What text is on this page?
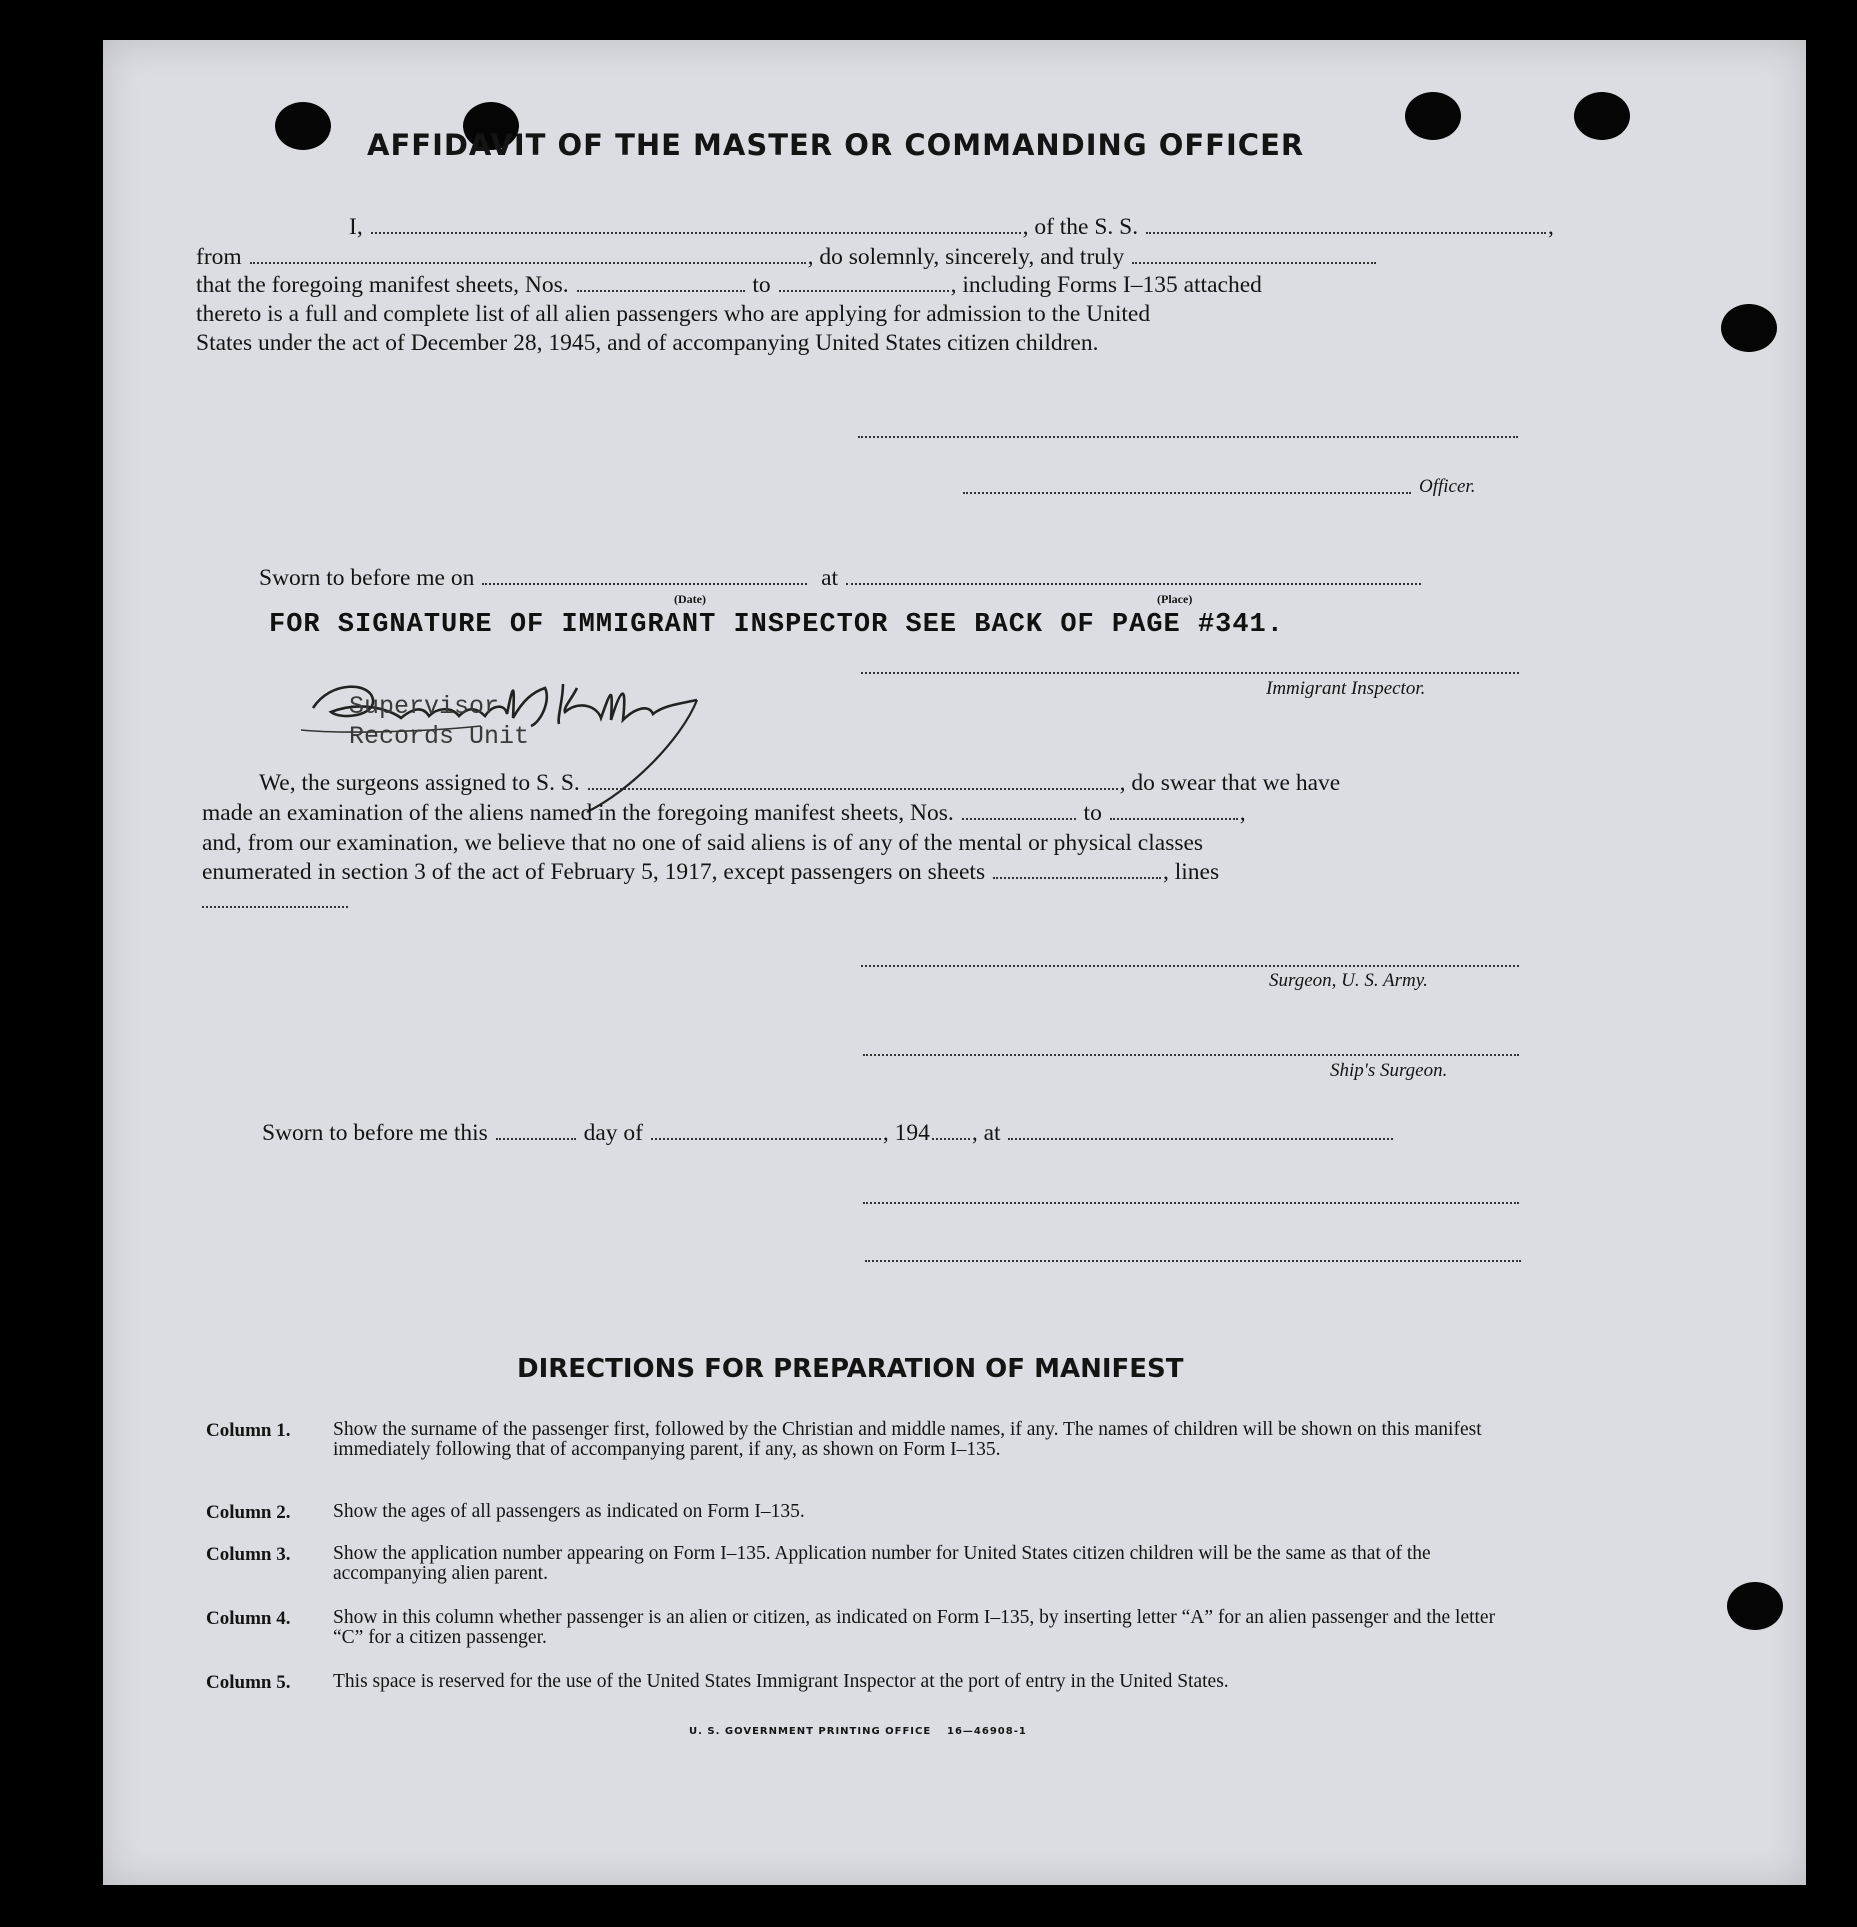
AFFIDAVIT OF THE MASTER OR COMMANDING OFFICER
I,	, of the S. S.	,
from	, do solemnly, sincerely, and truly
that the foregoing manifest sheets, Nos.	to	, including Forms I–135 attached
thereto is a full and complete list of all alien passengers who are applying for admission to the United
States under the act of December 28, 1945, and of accompanying United States citizen children.
Officer.
Sworn to before me on	at
(Date)	(Place)
FOR SIGNATURE OF IMMIGRANT INSPECTOR SEE BACK OF PAGE #341.
Supervisor
Records Unit
Immigrant Inspector.
We, the surgeons assigned to S. S.	, do swear that we have
made an examination of the aliens named in the foregoing manifest sheets, Nos.	to	,
and, from our examination, we believe that no one of said aliens is of any of the mental or physical classes
enumerated in section 3 of the act of February 5, 1917, except passengers on sheets	, lines
Surgeon, U. S. Army.
Ship's Surgeon.
Sworn to before me this	day of	, 194 , at
DIRECTIONS FOR PREPARATION OF MANIFEST
Column 1. Show the surname of the passenger first, followed by the Christian and middle names, if any. The names of children will be shown on this manifest immediately following that of accompanying parent, if any, as shown on Form I–135.
Column 2. Show the ages of all passengers as indicated on Form I–135.
Column 3. Show the application number appearing on Form I–135. Application number for United States citizen children will be the same as that of the accompanying alien parent.
Column 4. Show in this column whether passenger is an alien or citizen, as indicated on Form I–135, by inserting letter “A” for an alien passenger and the letter “C” for a citizen passenger.
Column 5. This space is reserved for the use of the United States Immigrant Inspector at the port of entry in the United States.
U. S. GOVERNMENT PRINTING OFFICE 16—46908-1
